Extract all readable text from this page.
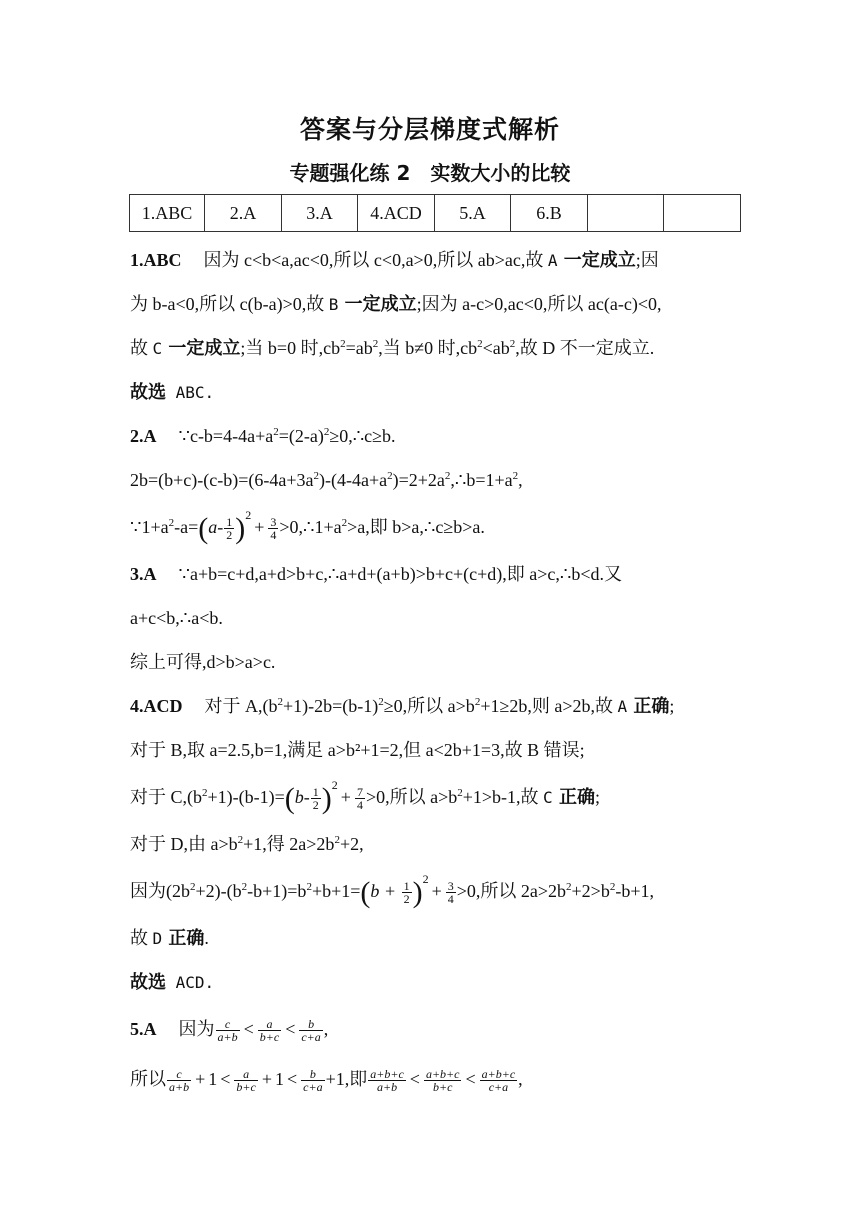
答案与分层梯度式解析
专题强化练 2　实数大小的比较
1.ABC	2.A	3.A	4.ACD	5.A	6.B		
1.ABC 因为 c<b<a,ac<0,所以 c<0,a>0,所以 ab>ac,故 A 一定成立;因
为 b-a<0,所以 c(b-a)>0,故 B 一定成立;因为 a-c>0,ac<0,所以 ac(a-c)<0,
故 C 一定成立;当 b=0 时$,cb^2=ab^2$,当 b≠0 时$,cb^2<ab^2$,故 D 不一定成立.
故选 ABC.
2.A $\because c-b=4-4a+a^2=(2-a)^2\ge 0,\therefore c\ge b$.
$2b=(b+c)-(c-b)=(6-4a+3a^2)-(4-4a+a^2)=2+2a^2,\therefore b=1+a^2$,
$\because 1+a^2-a=(a- \frac{1}{2} )^2+ \frac{3}{4}$ $>0,\therefore 1+a^2>a$,即 b>a,∴c≥b>a.
3.A ∵a+b=c+d,a+d>b+c,∴a+d+(a+b)>b+c+(c+d),即 a>c,∴b<d.又
a+c<b,∴a<b.
综上可得,d>b>a>c.
4.ACD 对于 $A,(b^2+1)-2b=(b-1)^2\ge 0$,所以 $a>b^2+1\ge 2b$,则 a>2b,故 A 正确;
对于 B,取 a=2.5,b=1,满足 a>b²+1=2,但 a<2b+1=3,故 B 错误;
对于 $C,(b^2+1)-(b-1)=(b- \frac{1}{2} )^2+ \frac{7}{4} >0$,所以 $a>b^2+1>b-1$,故 C 正确;
对于 D,由 $a>b^2+1$,得 $2a>2b^2+2$,
因为$(2b^2+2)-(b^2-b+1)=b^2+b+1=(b + \frac{1}{2} )^2+ \frac{3}{4} >0$,所以 $2a>2b^2+2>b^2-b+1$,
故 D 正确.
故选 ACD.
5.A 因为 $\frac{c}{a+b} < \frac{a}{b+c} < \frac{b}{c+a}$ ,
所以 $\frac{c}{a+b} + 1 < \frac{a}{b+c} + 1 < \frac{b}{c+a} +1$,即 $\frac{a+b+c}{a+b} < \frac{a+b+c}{b+c} < \frac{a+b+c}{c+a}$ ,
